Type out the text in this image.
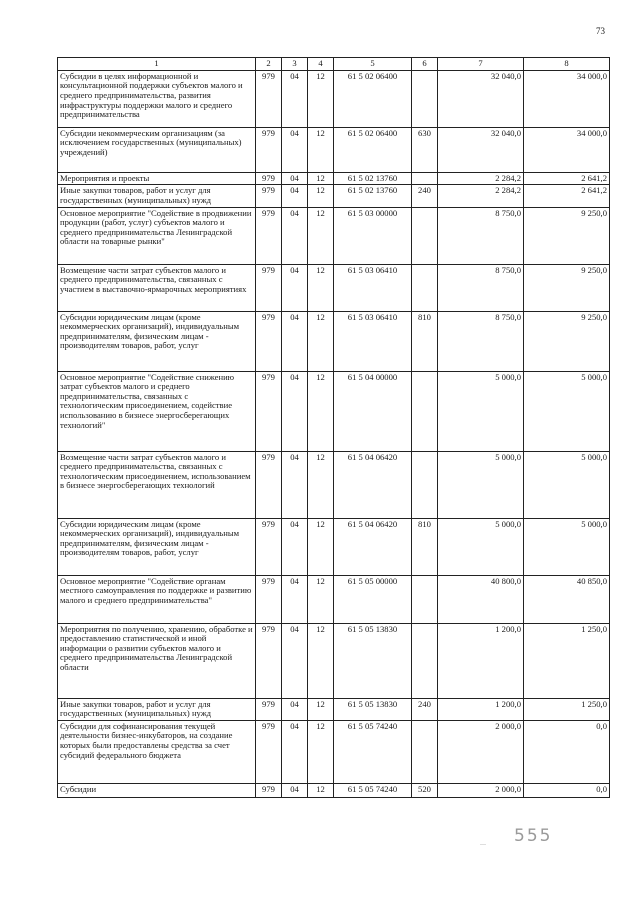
73
1	2	3	4	5	6	7	8
Субсидии в целях информационной и консультационной поддержки субъектов малого и среднего предпринимательства, развития инфраструктуры поддержки малого и среднего предпринимательства	979	04	12	61 5 02 06400		32 040,0	34 000,0
Субсидии некоммерческим организациям (за исключением государственных (муниципальных) учреждений)	979	04	12	61 5 02 06400	630	32 040,0	34 000,0
Мероприятия и проекты	979	04	12	61 5 02 13760		2 284,2	2 641,2
Иные закупки товаров, работ и услуг для государственных (муниципальных) нужд	979	04	12	61 5 02 13760	240	2 284,2	2 641,2
Основное мероприятие "Содействие в продвижении продукции (работ, услуг) субъектов малого и среднего предпринимательства Ленинградской области на товарные рынки"	979	04	12	61 5 03 00000		8 750,0	9 250,0
Возмещение части затрат субъектов малого и среднего предпринимательства, связанных с участием в выставочно-ярмарочных мероприятиях	979	04	12	61 5 03 06410		8 750,0	9 250,0
Субсидии юридическим лицам (кроме некоммерческих организаций), индивидуальным предпринимателям, физическим лицам - производителям товаров, работ, услуг	979	04	12	61 5 03 06410	810	8 750,0	9 250,0
Основное мероприятие "Содействие снижению затрат субъектов малого и среднего предпринимательства, связанных с технологическим присоединением, содействие использованию в бизнесе энергосберегающих технологий"	979	04	12	61 5 04 00000		5 000,0	5 000,0
Возмещение части затрат субъектов малого и среднего предпринимательства, связанных с технологическим присоединением, использованием в бизнесе энергосберегающих технологий	979	04	12	61 5 04 06420		5 000,0	5 000,0
Субсидии юридическим лицам (кроме некоммерческих организаций), индивидуальным предпринимателям, физическим лицам - производителям товаров, работ, услуг	979	04	12	61 5 04 06420	810	5 000,0	5 000,0
Основное мероприятие "Содействие органам местного самоуправления по поддержке и развитию малого и среднего предпринимательства"	979	04	12	61 5 05 00000		40 800,0	40 850,0
Мероприятия по получению, хранению, обработке и предоставлению статистической и иной информации о развитии субъектов малого и среднего предпринимательства Ленинградской области	979	04	12	61 5 05 13830		1 200,0	1 250,0
Иные закупки товаров, работ и услуг для государственных (муниципальных) нужд	979	04	12	61 5 05 13830	240	1 200,0	1 250,0
Субсидии для софинансирования текущей деятельности бизнес-инкубаторов, на создание которых были предоставлены средства за счет субсидий федерального бюджета	979	04	12	61 5 05 74240		2 000,0	0,0
Субсидии	979	04	12	61 5 05 74240	520	2 000,0	0,0
... 555
